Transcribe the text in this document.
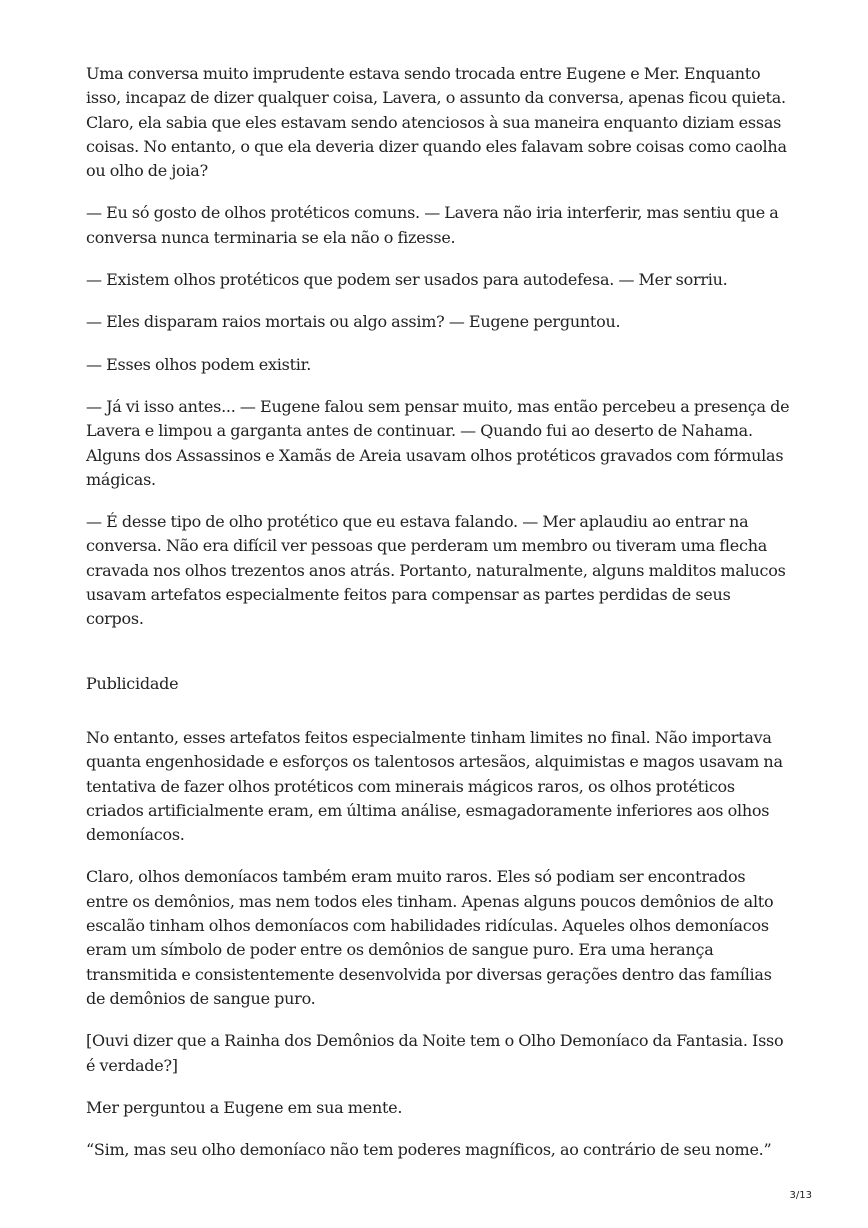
Uma conversa muito imprudente estava sendo trocada entre Eugene e Mer. Enquanto isso, incapaz de dizer qualquer coisa, Lavera, o assunto da conversa, apenas ficou quieta. Claro, ela sabia que eles estavam sendo atenciosos à sua maneira enquanto diziam essas coisas. No entanto, o que ela deveria dizer quando eles falavam sobre coisas como caolha ou olho de joia?

— Eu só gosto de olhos protéticos comuns. — Lavera não iria interferir, mas sentiu que a conversa nunca terminaria se ela não o fizesse.

— Existem olhos protéticos que podem ser usados para autodefesa. — Mer sorriu.

— Eles disparam raios mortais ou algo assim? — Eugene perguntou.

— Esses olhos podem existir.

— Já vi isso antes... — Eugene falou sem pensar muito, mas então percebeu a presença de Lavera e limpou a garganta antes de continuar. — Quando fui ao deserto de Nahama. Alguns dos Assassinos e Xamãs de Areia usavam olhos protéticos gravados com fórmulas mágicas.

— É desse tipo de olho protético que eu estava falando. — Mer aplaudiu ao entrar na conversa. Não era difícil ver pessoas que perderam um membro ou tiveram uma flecha cravada nos olhos trezentos anos atrás. Portanto, naturalmente, alguns malditos malucos usavam artefatos especialmente feitos para compensar as partes perdidas de seus corpos.

Publicidade

No entanto, esses artefatos feitos especialmente tinham limites no final. Não importava quanta engenhosidade e esforços os talentosos artesãos, alquimistas e magos usavam na tentativa de fazer olhos protéticos com minerais mágicos raros, os olhos protéticos criados artificialmente eram, em última análise, esmagadoramente inferiores aos olhos demoníacos.

Claro, olhos demoníacos também eram muito raros. Eles só podiam ser encontrados entre os demônios, mas nem todos eles tinham. Apenas alguns poucos demônios de alto escalão tinham olhos demoníacos com habilidades ridículas. Aqueles olhos demoníacos eram um símbolo de poder entre os demônios de sangue puro. Era uma herança transmitida e consistentemente desenvolvida por diversas gerações dentro das famílias de demônios de sangue puro.

[Ouvi dizer que a Rainha dos Demônios da Noite tem o Olho Demoníaco da Fantasia. Isso é verdade?]

Mer perguntou a Eugene em sua mente.

“Sim, mas seu olho demoníaco não tem poderes magníficos, ao contrário de seu nome.”

3/13
